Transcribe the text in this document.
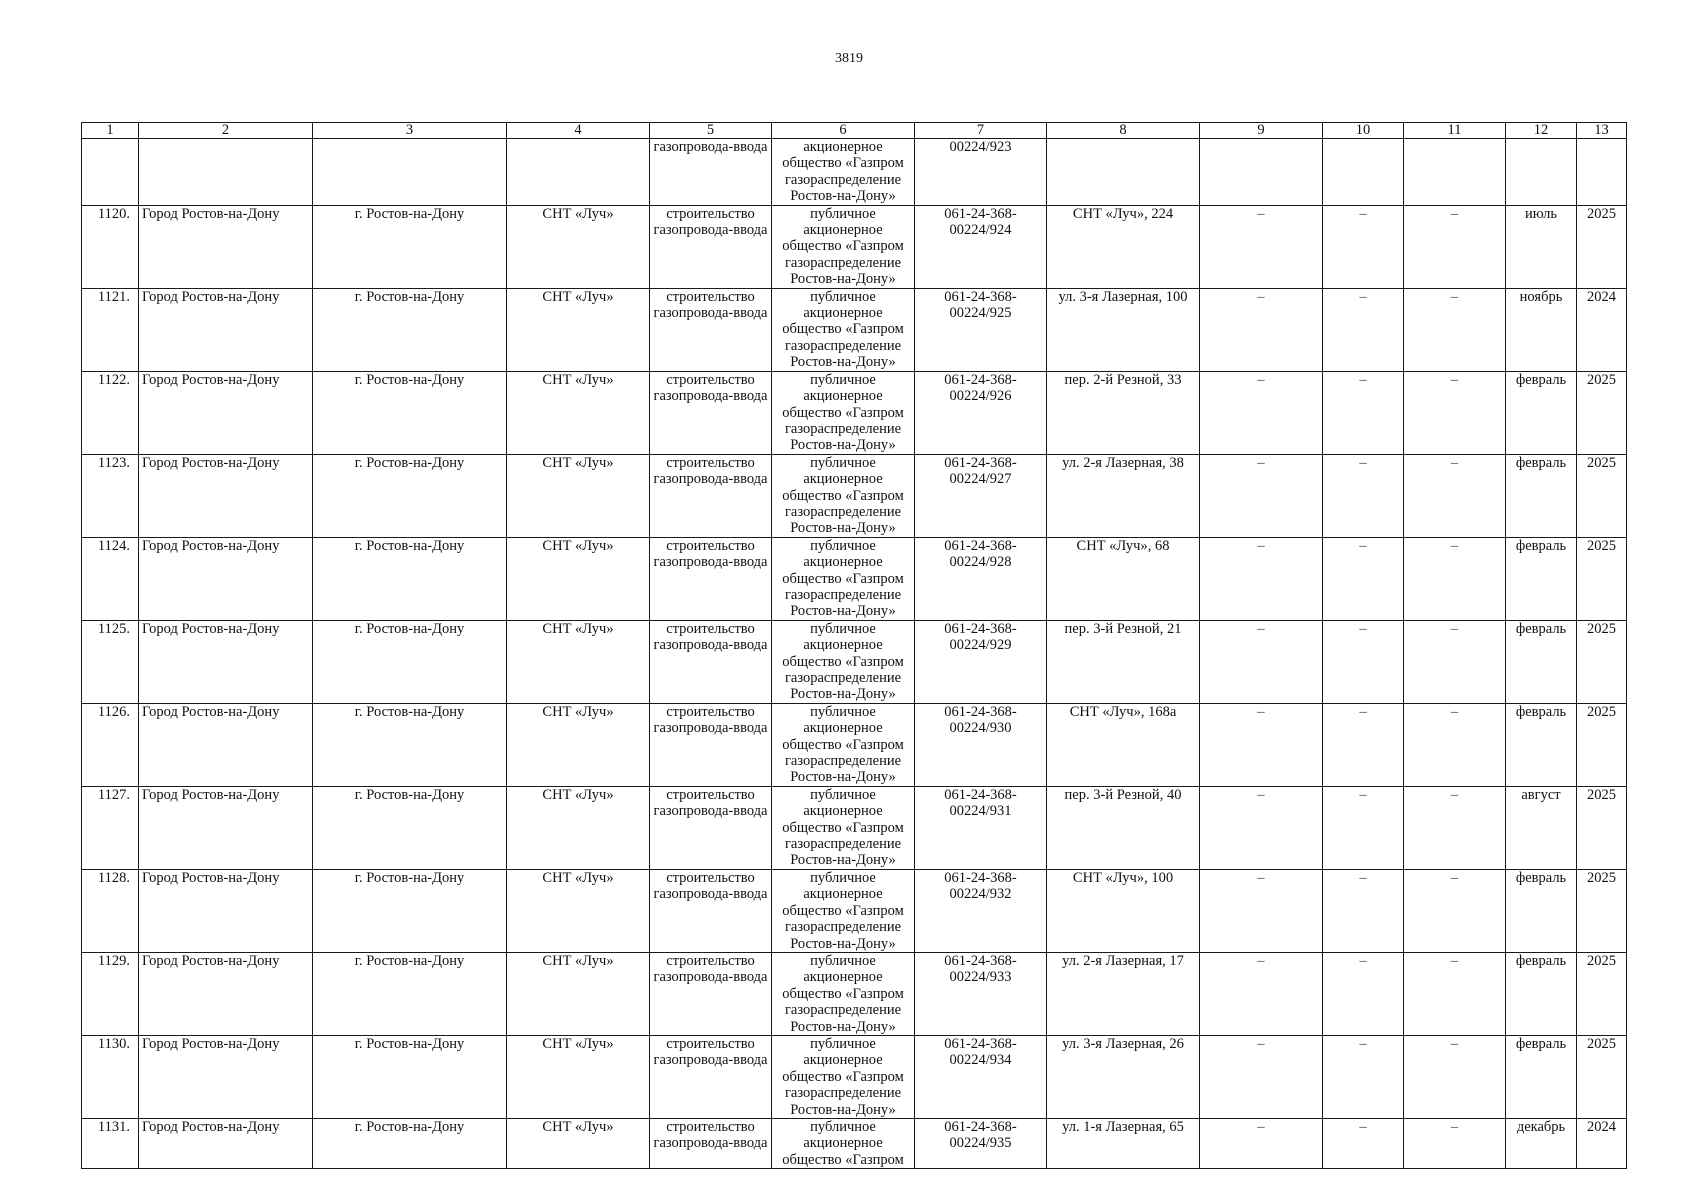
3819
1	2	3	4	5	6	7	8	9	10	11	12	13
				газопровода-ввода	акционерное общество «Газпром газораспределение Ростов-на-Дону»	00224/923						
1120.	Город Ростов-на-Дону	г. Ростов-на-Дону	СНТ «Луч»	строительство газопровода-ввода	публичное акционерное общество «Газпром газораспределение Ростов-на-Дону»	061-24-368-00224/924	СНТ «Луч», 224	–	–	–	июль	2025
1121.	Город Ростов-на-Дону	г. Ростов-на-Дону	СНТ «Луч»	строительство газопровода-ввода	публичное акционерное общество «Газпром газораспределение Ростов-на-Дону»	061-24-368-00224/925	ул. 3-я Лазерная, 100	–	–	–	ноябрь	2024
1122.	Город Ростов-на-Дону	г. Ростов-на-Дону	СНТ «Луч»	строительство газопровода-ввода	публичное акционерное общество «Газпром газораспределение Ростов-на-Дону»	061-24-368-00224/926	пер. 2-й Резной, 33	–	–	–	февраль	2025
1123.	Город Ростов-на-Дону	г. Ростов-на-Дону	СНТ «Луч»	строительство газопровода-ввода	публичное акционерное общество «Газпром газораспределение Ростов-на-Дону»	061-24-368-00224/927	ул. 2-я Лазерная, 38	–	–	–	февраль	2025
1124.	Город Ростов-на-Дону	г. Ростов-на-Дону	СНТ «Луч»	строительство газопровода-ввода	публичное акционерное общество «Газпром газораспределение Ростов-на-Дону»	061-24-368-00224/928	СНТ «Луч», 68	–	–	–	февраль	2025
1125.	Город Ростов-на-Дону	г. Ростов-на-Дону	СНТ «Луч»	строительство газопровода-ввода	публичное акционерное общество «Газпром газораспределение Ростов-на-Дону»	061-24-368-00224/929	пер. 3-й Резной, 21	–	–	–	февраль	2025
1126.	Город Ростов-на-Дону	г. Ростов-на-Дону	СНТ «Луч»	строительство газопровода-ввода	публичное акционерное общество «Газпром газораспределение Ростов-на-Дону»	061-24-368-00224/930	СНТ «Луч», 168а	–	–	–	февраль	2025
1127.	Город Ростов-на-Дону	г. Ростов-на-Дону	СНТ «Луч»	строительство газопровода-ввода	публичное акционерное общество «Газпром газораспределение Ростов-на-Дону»	061-24-368-00224/931	пер. 3-й Резной, 40	–	–	–	август	2025
1128.	Город Ростов-на-Дону	г. Ростов-на-Дону	СНТ «Луч»	строительство газопровода-ввода	публичное акционерное общество «Газпром газораспределение Ростов-на-Дону»	061-24-368-00224/932	СНТ «Луч», 100	–	–	–	февраль	2025
1129.	Город Ростов-на-Дону	г. Ростов-на-Дону	СНТ «Луч»	строительство газопровода-ввода	публичное акционерное общество «Газпром газораспределение Ростов-на-Дону»	061-24-368-00224/933	ул. 2-я Лазерная, 17	–	–	–	февраль	2025
1130.	Город Ростов-на-Дону	г. Ростов-на-Дону	СНТ «Луч»	строительство газопровода-ввода	публичное акционерное общество «Газпром газораспределение Ростов-на-Дону»	061-24-368-00224/934	ул. 3-я Лазерная, 26	–	–	–	февраль	2025
1131.	Город Ростов-на-Дону	г. Ростов-на-Дону	СНТ «Луч»	строительство газопровода-ввода	публичное акционерное общество «Газпром	061-24-368-00224/935	ул. 1-я Лазерная, 65	–	–	–	декабрь	2024
